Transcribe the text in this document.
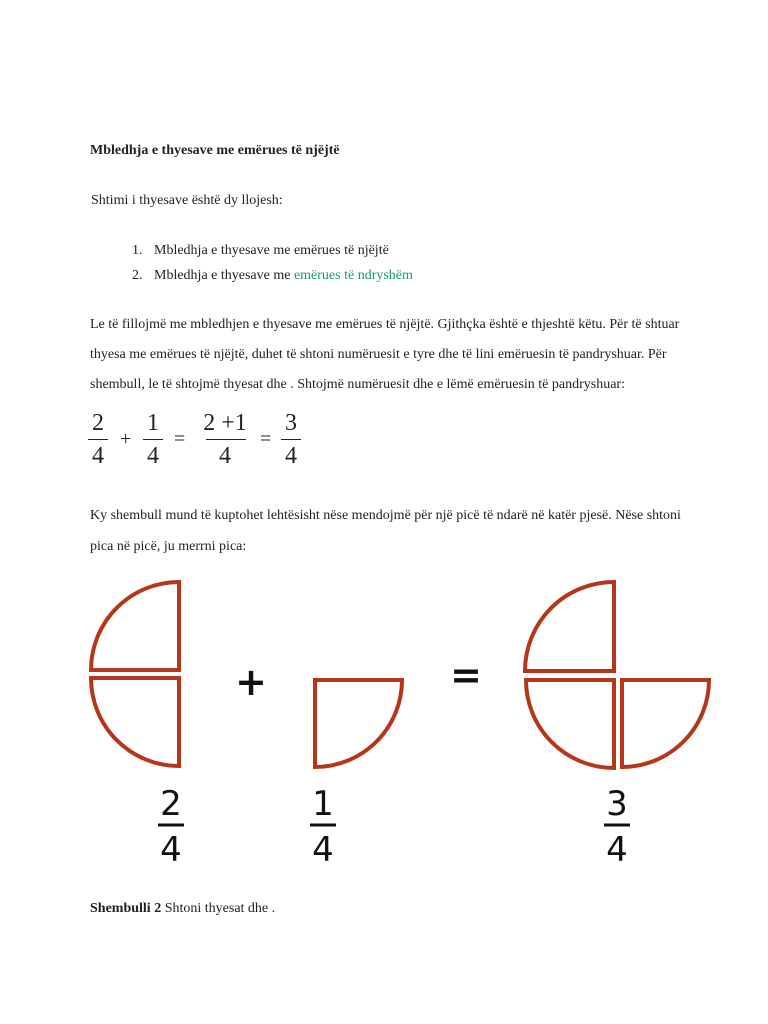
Mbledhja e thyesave me emërues të njëjtë
Shtimi i thyesave është dy llojesh:
1. Mbledhja e thyesave me emërues të njëjtë
2. Mbledhja e thyesave me emërues të ndryshëm
Le të fillojmë me mbledhjen e thyesave me emërues të njëjtë. Gjithçka është e thjeshtë këtu. Për të shtuar
thyesa me emërues të njëjtë, duhet të shtoni numëruesit e tyre dhe të lini emëruesin të pandryshuar. Për
shembull, le të shtojmë thyesat dhe . Shtojmë numëruesit dhe e lëmë emëruesin të pandryshuar:
2
4
+
1
4
=
2 +1
4
=
3
4
Ky shembull mund të kuptohet lehtësisht nëse mendojmë për një picë të ndarë në katër pjesë. Nëse shtoni
pica në picë, ju merrni pica:
+	=
2
4
1
4
3
4
Shembulli 2 Shtoni thyesat dhe .
